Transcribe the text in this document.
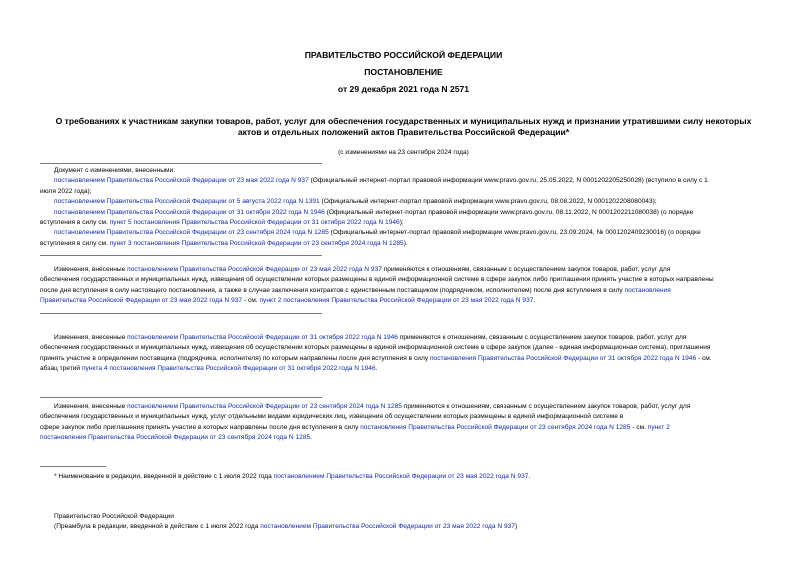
ПРАВИТЕЛЬСТВО РОССИЙСКОЙ ФЕДЕРАЦИИ
ПОСТАНОВЛЕНИЕ
от 29 декабря 2021 года N 2571
О требованиях к участникам закупки товаров, работ, услуг для обеспечения государственных и муниципальных нужд и признании утратившими силу некоторых
актов и отдельных положений актов Правительства Российской Федерации*
(с изменениями на 23 сентября 2024 года)
Документ с изменениями, внесенными:
постановлением Правительства Российской Федерации от 23 мая 2022 года N 937 (Официальный интернет-портал правовой информации www.pravo.gov.ru, 25.05.2022, N 0001202205250028) (вступило в силу с 1
июля 2022 года);
постановлением Правительства Российской Федерации от 5 августа 2022 года N 1391 (Официальный интернет-портал правовой информации www.pravo.gov.ru, 08.08.2022, N 0001202208080043);
постановлением Правительства Российской Федерации от 31 октября 2022 года N 1946 (Официальный интернет-портал правовой информации www.pravo.gov.ru, 08.11.2022, N 0001202211080038) (о порядке
вступления в силу см. пункт 5 постановления Правительства Российской Федерации от 31 октября 2022 года N 1946);
постановлением Правительства Российской Федерации от 23 сентября 2024 года N 1285 (Официальный интернет-портал правовой информации www.pravo.gov.ru, 23.09.2024, № 0001202409230016) (о порядке
вступления в силу см. пункт 3 постановления Правительства Российской Федерации от 23 сентября 2024 года N 1285).
Изменения, внесенные постановлением Правительства Российской Федерации от 23 мая 2022 года N 937 применяются к отношениям, связанным с осуществлением закупок товаров, работ, услуг для
обеспечения государственных и муниципальных нужд, извещения об осуществлении которых размещены в единой информационной системе в сфере закупок либо приглашения принять участие в которых направлены
после дня вступления в силу настоящего постановления, а также в случае заключения контрактов с единственным поставщиком (подрядчиком, исполнителем) после дня вступления в силу постановления
Правительства Российской Федерации от 23 мая 2022 года N 937 - см. пункт 2 постановления Правительства Российской Федерации от 23 мая 2022 года N 937.
Изменения, внесенные постановлением Правительства Российской Федерации от 31 октября 2022 года N 1946 применяются к отношениям, связанным с осуществлением закупок товаров, работ, услуг для
обеспечения государственных и муниципальных нужд, извещения об осуществлении которых размещены в единой информационной системе в сфере закупок (далее - единая информационная система), приглашения
принять участие в определении поставщика (подрядчика, исполнителя) по которым направлены после дня вступления в силу постановления Правительства Российской Федерации от 31 октября 2022 года N 1946 - см.
абзац третий пункта 4 постановления Правительства Российской Федерации от 31 октября 2022 года N 1946.
Изменения, внесенные постановлением Правительства Российской Федерации от 23 сентября 2024 года N 1285 применяются к отношениям, связанным с осуществлением закупок товаров, работ, услуг для
обеспечения государственных и муниципальных нужд, услуг отдельными видами юридических лиц, извещения об осуществлении которых размещены в единой информационной системе в
сфере закупок либо приглашения принять участие в которых направлены после дня вступления в силу постановления Правительства Российской Федерации от 23 сентября 2024 года N 1285 - см. пункт 2
постановления Правительства Российской Федерации от 23 сентября 2024 года N 1285.
* Наименование в редакции, введенной в действие с 1 июля 2022 года постановлением Правительства Российской Федерации от 23 мая 2022 года N 937.
Правительство Российской Федерации
(Преамбула в редакции, введенной в действие с 1 июля 2022 года постановлением Правительства Российской Федерации от 23 мая 2022 года N 937)
